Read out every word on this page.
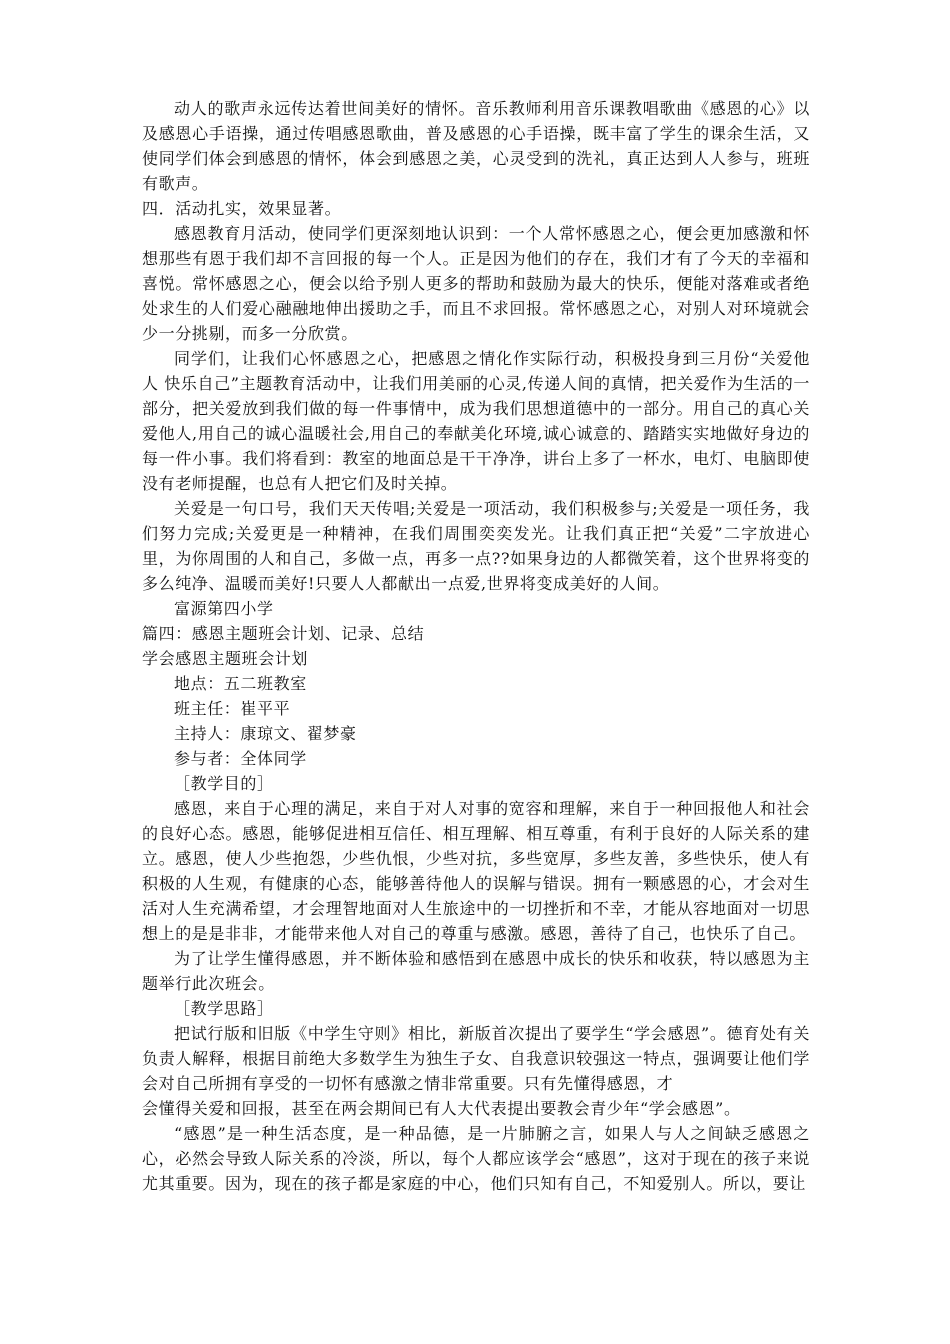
动人的歌声永远传达着世间美好的情怀。音乐教师利用音乐课教唱歌曲《感恩的心》以及感恩心手语操，通过传唱感恩歌曲，普及感恩的心手语操，既丰富了学生的课余生活，又使同学们体会到感恩的情怀，体会到感恩之美，心灵受到的洗礼，真正达到人人参与，班班有歌声。

四．活动扎实，效果显著。

感恩教育月活动，使同学们更深刻地认识到：一个人常怀感恩之心，便会更加感激和怀想那些有恩于我们却不言回报的每一个人。正是因为他们的存在，我们才有了今天的幸福和喜悦。常怀感恩之心，便会以给予别人更多的帮助和鼓励为最大的快乐，便能对落难或者绝处求生的人们爱心融融地伸出援助之手，而且不求回报。常怀感恩之心，对别人对环境就会少一分挑剔，而多一分欣赏。

同学们，让我们心怀感恩之心，把感恩之情化作实际行动，积极投身到三月份“关爱他人 快乐自己”主题教育活动中，让我们用美丽的心灵,传递人间的真情，把关爱作为生活的一部分，把关爱放到我们做的每一件事情中，成为我们思想道德中的一部分。用自己的真心关爱他人,用自己的诚心温暖社会,用自己的奉献美化环境,诚心诚意的、踏踏实实地做好身边的每一件小事。我们将看到：教室的地面总是干干净净，讲台上多了一杯水，电灯、电脑即使没有老师提醒，也总有人把它们及时关掉。

关爱是一句口号，我们天天传唱;关爱是一项活动，我们积极参与;关爱是一项任务，我们努力完成;关爱更是一种精神，在我们周围奕奕发光。让我们真正把“关爱”二字放进心里，为你周围的人和自己，多做一点，再多一点??如果身边的人都微笑着，这个世界将变的多么纯净、温暖而美好!只要人人都献出一点爱,世界将变成美好的人间。

富源第四小学

篇四：感恩主题班会计划、记录、总结

学会感恩主题班会计划

地点：五二班教室

班主任：崔平平

主持人：康琼文、翟梦豪

参与者：全体同学

［教学目的］

感恩，来自于心理的满足，来自于对人对事的宽容和理解，来自于一种回报他人和社会的良好心态。感恩，能够促进相互信任、相互理解、相互尊重，有利于良好的人际关系的建立。感恩，使人少些抱怨，少些仇恨，少些对抗，多些宽厚，多些友善，多些快乐，使人有积极的人生观，有健康的心态，能够善待他人的误解与错误。拥有一颗感恩的心，才会对生活对人生充满希望，才会理智地面对人生旅途中的一切挫折和不幸，才能从容地面对一切思想上的是是非非，才能带来他人对自己的尊重与感激。感恩，善待了自己，也快乐了自己。

为了让学生懂得感恩，并不断体验和感悟到在感恩中成长的快乐和收获，特以感恩为主题举行此次班会。

［教学思路］

把试行版和旧版《中学生守则》相比，新版首次提出了要学生“学会感恩”。德育处有关负责人解释，根据目前绝大多数学生为独生子女、自我意识较强这一特点，强调要让他们学会对自己所拥有享受的一切怀有感激之情非常重要。只有先懂得感恩，才

会懂得关爱和回报，甚至在两会期间已有人大代表提出要教会青少年“学会感恩”。

“感恩”是一种生活态度，是一种品德，是一片肺腑之言，如果人与人之间缺乏感恩之心，必然会导致人际关系的冷淡，所以，每个人都应该学会“感恩”，这对于现在的孩子来说尤其重要。因为，现在的孩子都是家庭的中心，他们只知有自己，不知爱别人。所以，要让
